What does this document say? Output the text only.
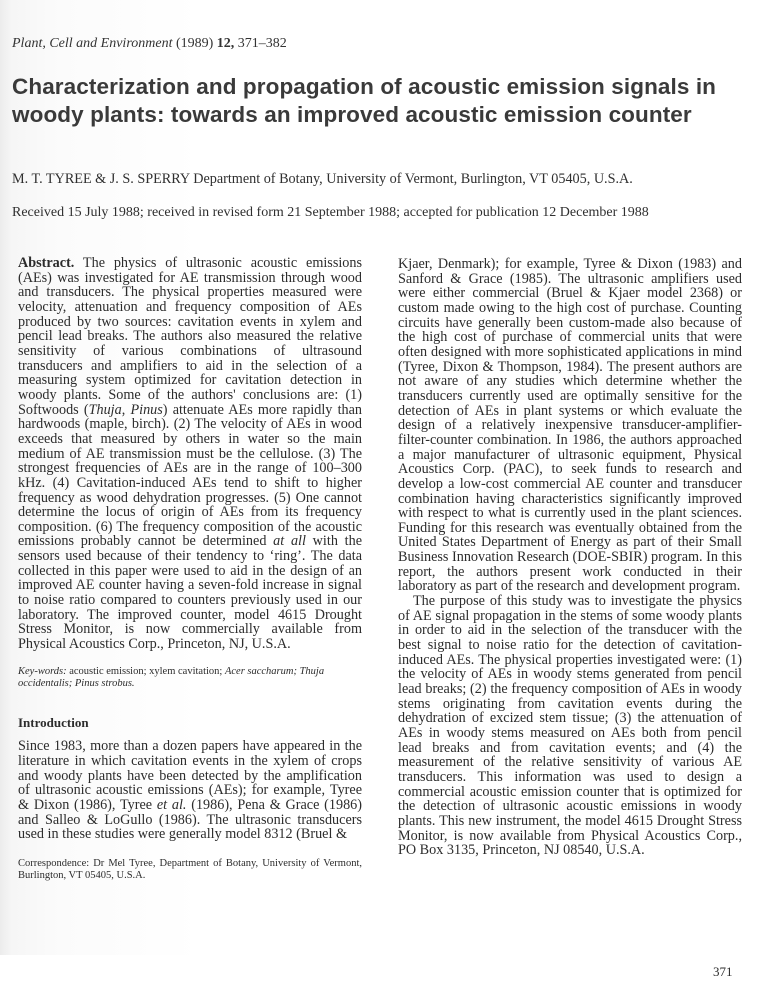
Plant, Cell and Environment (1989) 12, 371–382
Characterization and propagation of acoustic emission signals in woody plants: towards an improved acoustic emission counter
M. T. TYREE & J. S. SPERRY Department of Botany, University of Vermont, Burlington, VT 05405, U.S.A.
Received 15 July 1988; received in revised form 21 September 1988; accepted for publication 12 December 1988

Abstract. The physics of ultrasonic acoustic emissions (AEs) was investigated for AE transmission through wood and transducers. The physical properties measured were velocity, attenuation and frequency composition of AEs produced by two sources: cavitation events in xylem and pencil lead breaks. The authors also measured the relative sensitivity of various combinations of ultrasound transducers and amplifiers to aid in the selection of a measuring system optimized for cavitation detection in woody plants. Some of the authors' conclusions are: (1) Softwoods (Thuja, Pinus) attenuate AEs more rapidly than hardwoods (maple, birch). (2) The velocity of AEs in wood exceeds that measured by others in water so the main medium of AE transmission must be the cellulose. (3) The strongest frequencies of AEs are in the range of 100–300 kHz. (4) Cavitation-induced AEs tend to shift to higher frequency as wood dehydration progresses. (5) One cannot determine the locus of origin of AEs from its frequency composition. (6) The frequency composition of the acoustic emissions probably cannot be determined at all with the sensors used because of their tendency to ‘ring’. The data collected in this paper were used to aid in the design of an improved AE counter having a seven-fold increase in signal to noise ratio compared to counters previously used in our laboratory. The improved counter, model 4615 Drought Stress Monitor, is now commercially available from Physical Acoustics Corp., Princeton, NJ, U.S.A.

Key-words: acoustic emission; xylem cavitation; Acer saccharum; Thuja occidentalis; Pinus strobus.

Introduction

Since 1983, more than a dozen papers have appeared in the literature in which cavitation events in the xylem of crops and woody plants have been detected by the amplification of ultrasonic acoustic emissions (AEs); for example, Tyree & Dixon (1986), Tyree et al. (1986), Pena & Grace (1986) and Salleo & LoGullo (1986). The ultrasonic transducers used in these studies were generally model 8312 (Bruel &

Correspondence: Dr Mel Tyree, Department of Botany, University of Vermont, Burlington, VT 05405, U.S.A.

Kjaer, Denmark); for example, Tyree & Dixon (1983) and Sanford & Grace (1985). The ultrasonic amplifiers used were either commercial (Bruel & Kjaer model 2368) or custom made owing to the high cost of purchase. Counting circuits have generally been custom-made also because of the high cost of purchase of commercial units that were often designed with more sophisticated applications in mind (Tyree, Dixon & Thompson, 1984). The present authors are not aware of any studies which determine whether the transducers currently used are optimally sensitive for the detection of AEs in plant systems or which evaluate the design of a relatively inexpensive transducer-amplifier-filter-counter combination. In 1986, the authors approached a major manufacturer of ultrasonic equipment, Physical Acoustics Corp. (PAC), to seek funds to research and develop a low-cost commercial AE counter and transducer combination having characteristics significantly improved with respect to what is currently used in the plant sciences. Funding for this research was eventually obtained from the United States Department of Energy as part of their Small Business Innovation Research (DOE-SBIR) program. In this report, the authors present work conducted in their laboratory as part of the research and development program.

The purpose of this study was to investigate the physics of AE signal propagation in the stems of some woody plants in order to aid in the selection of the transducer with the best signal to noise ratio for the detection of cavitation-induced AEs. The physical properties investigated were: (1) the velocity of AEs in woody stems generated from pencil lead breaks; (2) the frequency composition of AEs in woody stems originating from cavitation events during the dehydration of excized stem tissue; (3) the attenuation of AEs in woody stems measured on AEs both from pencil lead breaks and from cavitation events; and (4) the measurement of the relative sensitivity of various AE transducers. This information was used to design a commercial acoustic emission counter that is optimized for the detection of ultrasonic acoustic emissions in woody plants. This new instrument, the model 4615 Drought Stress Monitor, is now available from Physical Acoustics Corp., PO Box 3135, Princeton, NJ 08540, U.S.A.

371
